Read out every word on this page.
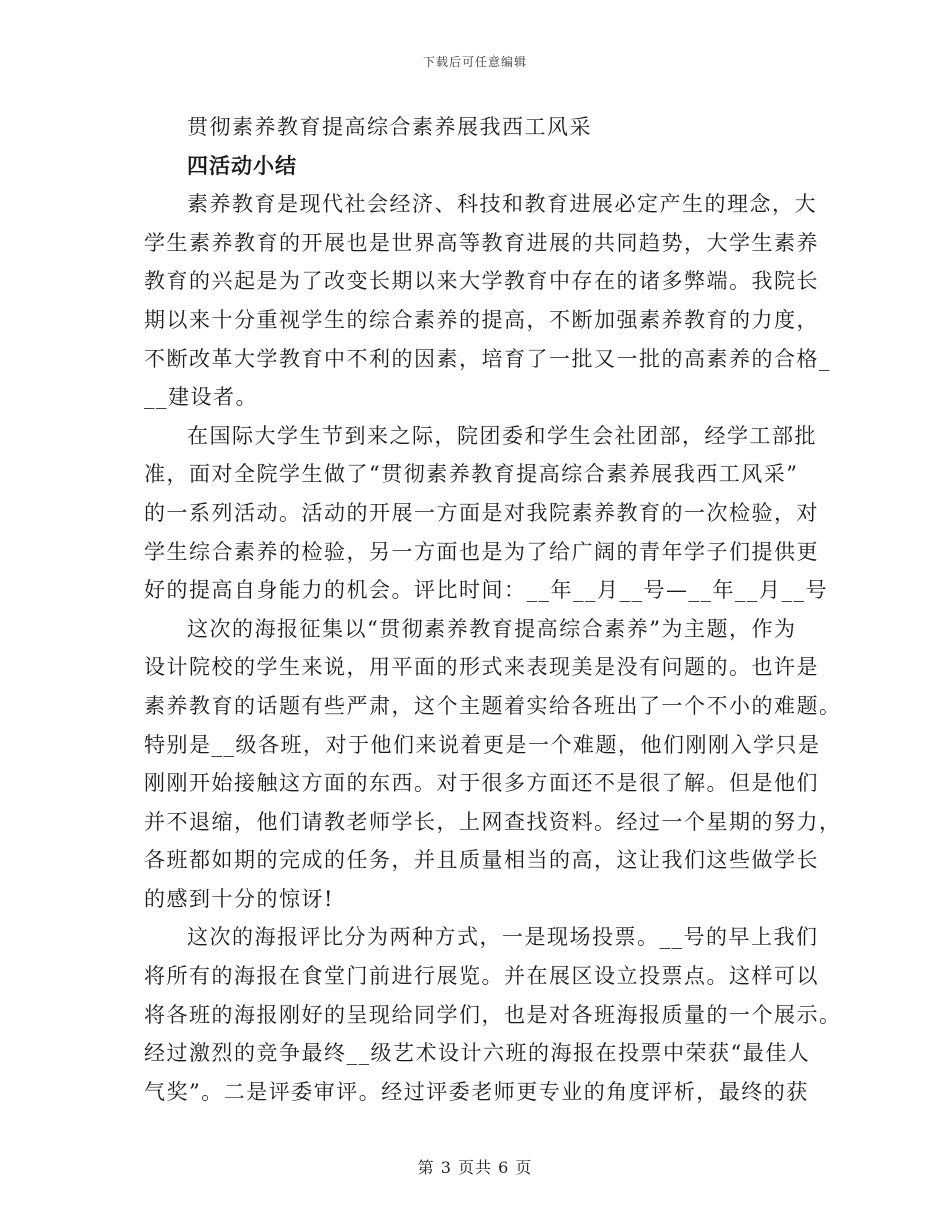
下载后可任意编辑
贯彻素养教育提高综合素养展我西工风采
四活动小结
素养教育是现代社会经济、科技和教育进展必定产生的理念，大
学生素养教育的开展也是世界高等教育进展的共同趋势，大学生素养
教育的兴起是为了改变长期以来大学教育中存在的诸多弊端。我院长
期以来十分重视学生的综合素养的提高，不断加强素养教育的力度，
不断改革大学教育中不利的因素，培育了一批又一批的高素养的合格_
__建设者。
在国际大学生节到来之际，院团委和学生会社团部，经学工部批
准，面对全院学生做了“贯彻素养教育提高综合素养展我西工风采”
的一系列活动。活动的开展一方面是对我院素养教育的一次检验，对
学生综合素养的检验，另一方面也是为了给广阔的青年学子们提供更
好的提高自身能力的机会。评比时间：__年__月__号—__年__月__号
这次的海报征集以“贯彻素养教育提高综合素养”为主题，作为
设计院校的学生来说，用平面的形式来表现美是没有问题的。也许是
素养教育的话题有些严肃，这个主题着实给各班出了一个不小的难题。
特别是__级各班，对于他们来说着更是一个难题，他们刚刚入学只是
刚刚开始接触这方面的东西。对于很多方面还不是很了解。但是他们
并不退缩，他们请教老师学长，上网查找资料。经过一个星期的努力，
各班都如期的完成的任务，并且质量相当的高，这让我们这些做学长
的感到十分的惊讶!
这次的海报评比分为两种方式，一是现场投票。__号的早上我们
将所有的海报在食堂门前进行展览。并在展区设立投票点。这样可以
将各班的海报刚好的呈现给同学们，也是对各班海报质量的一个展示。
经过激烈的竞争最终__级艺术设计六班的海报在投票中荣获“最佳人
气奖”。二是评委审评。经过评委老师更专业的角度评析，最终的获
第 3 页共 6 页
